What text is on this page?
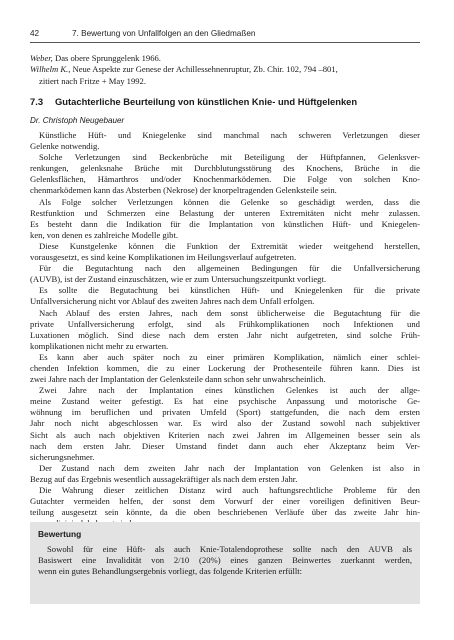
42	7. Bewertung von Unfallfolgen an den Gliedmaßen

Weber, Das obere Sprunggelenk 1966.

Wilhelm K., Neue Aspekte zur Genese der Achillessehnenruptur, Zb. Chir. 102, 794 –801,

zitiert nach Fritze + May 1992.

7.3 Gutachterliche Beurteilung von künstlichen Knie- und Hüftgelenken
Dr. Christoph Neugebauer
Künstliche Hüft- und Kniegelenke sind manchmal nach schweren Verletzungen dieser
Gelenke notwendig.
Solche Verletzungen sind Beckenbrüche mit Beteiligung der Hüftpfannen, Gelenksver-
renkungen, gelenksnahe Brüche mit Durchblutungsstörung des Knochens, Brüche in die
Gelenksflächen, Hämarthros und/oder Knochenmarködemen. Die Folge von solchen Kno-
chenmarködemen kann das Absterben (Nekrose) der knorpeltragenden Gelenksteile sein.
Als Folge solcher Verletzungen können die Gelenke so geschädigt werden, dass die
Restfunktion und Schmerzen eine Belastung der unteren Extremitäten nicht mehr zulassen.
Es besteht dann die Indikation für die Implantation von künstlichen Hüft- und Kniegelen-
ken, von denen es zahlreiche Modelle gibt.
Diese Kunstgelenke können die Funktion der Extremität wieder weitgehend herstellen,
vorausgesetzt, es sind keine Komplikationen im Heilungsverlauf aufgetreten.
Für die Begutachtung nach den allgemeinen Bedingungen für die Unfallversicherung
(AUVB), ist der Zustand einzuschätzen, wie er zum Untersuchungszeitpunkt vorliegt.
Es sollte die Begutachtung bei künstlichen Hüft- und Kniegelenken für die private
Unfallversicherung nicht vor Ablauf des zweiten Jahres nach dem Unfall erfolgen.
Nach Ablauf des ersten Jahres, nach dem sonst üblicherweise die Begutachtung für die
private Unfallversicherung erfolgt, sind als Frühkomplikationen noch Infektionen und
Luxationen möglich. Sind diese nach dem ersten Jahr nicht aufgetreten, sind solche Früh-
komplikationen nicht mehr zu erwarten.
Es kann aber auch später noch zu einer primären Komplikation, nämlich einer schlei-
chenden Infektion kommen, die zu einer Lockerung der Prothesenteile führen kann. Dies ist
zwei Jahre nach der Implantation der Gelenksteile dann schon sehr unwahrscheinlich.
Zwei Jahre nach der Implantation eines künstlichen Gelenkes ist auch der allge-
meine Zustand weiter gefestigt. Es hat eine psychische Anpassung und motorische Ge-
wöhnung im beruflichen und privaten Umfeld (Sport) stattgefunden, die nach dem ersten
Jahr noch nicht abgeschlossen war. Es wird also der Zustand sowohl nach subjektiver
Sicht als auch nach objektiven Kriterien nach zwei Jahren im Allgemeinen besser sein als
nach dem ersten Jahr. Dieser Umstand findet dann auch eher Akzeptanz beim Ver-
sicherungsnehmer.
Der Zustand nach dem zweiten Jahr nach der Implantation von Gelenken ist also in
Bezug auf das Ergebnis wesentlich aussagekräftiger als nach dem ersten Jahr.
Die Wahrung dieser zeitlichen Distanz wird auch haftungsrechtliche Probleme für den
Gutachter vermeiden helfen, der sonst dem Vorwurf der einer voreiligen definitiven Beur-
teilung ausgesetzt sein könnte, da die oben beschriebenen Verläufe über das zweite Jahr hin-
Bewertung
Sowohl für eine Hüft- als auch Knie-Totalendoprothese sollte nach den AUVB als
Basiswert eine Invalidität von 2/10 (20%) eines ganzen Beinwertes zuerkannt werden,
wenn ein gutes Behandlungsergebnis vorliegt, das folgende Kriterien erfüllt:
